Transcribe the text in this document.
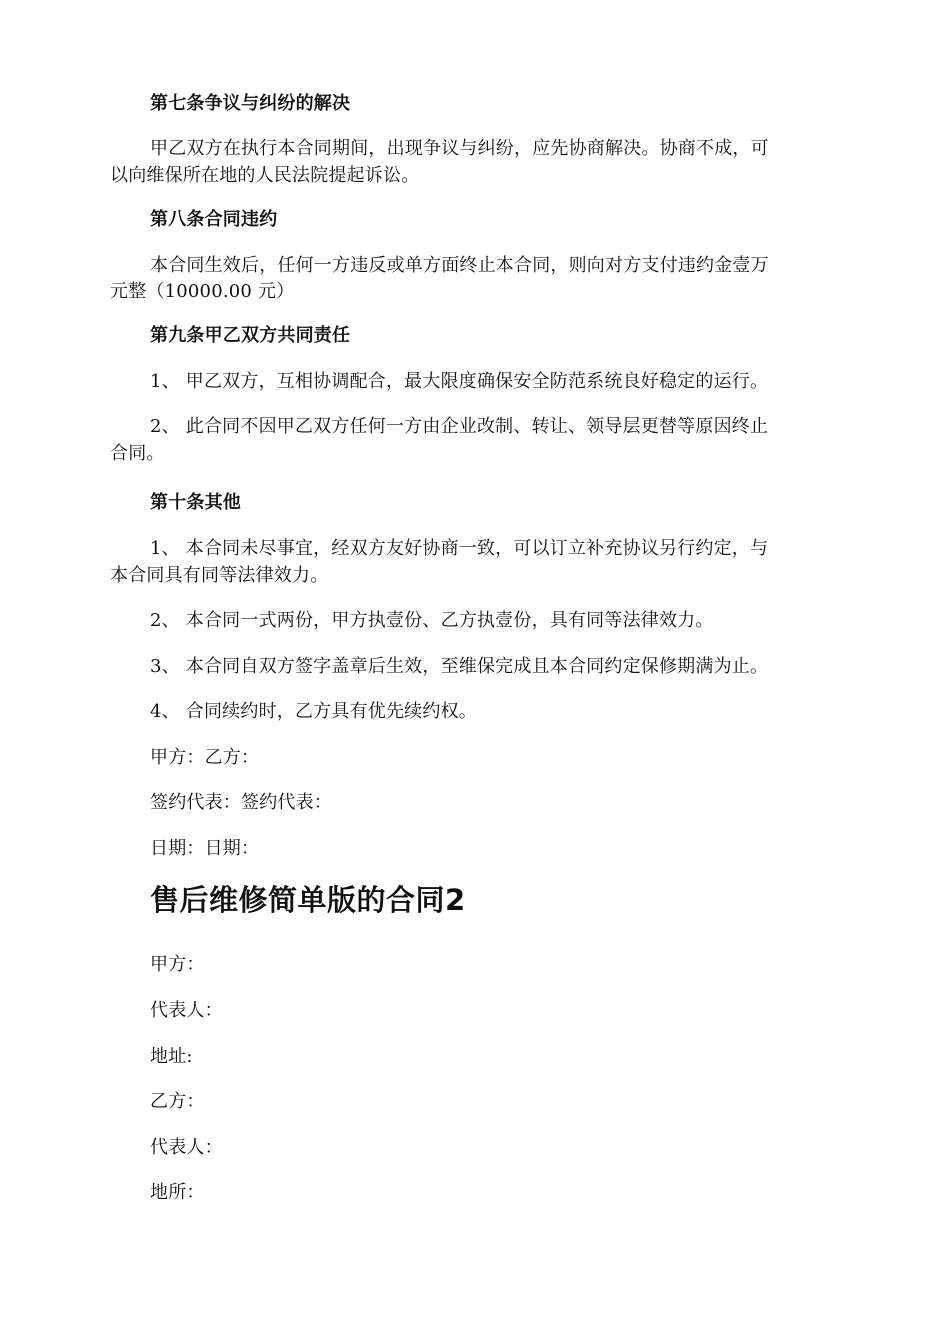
第七条争议与纠纷的解决
甲乙双方在执行本合同期间，出现争议与纠纷，应先协商解决。协商不成，可
以向维保所在地的人民法院提起诉讼。
第八条合同违约
本合同生效后，任何一方违反或单方面终止本合同，则向对方支付违约金壹万
元整（10000.00 元）
第九条甲乙双方共同责任
1、 甲乙双方，互相协调配合，最大限度确保安全防范系统良好稳定的运行。
2、 此合同不因甲乙双方任何一方由企业改制、转让、领导层更替等原因终止
合同。
第十条其他
1、 本合同未尽事宜，经双方友好协商一致，可以订立补充协议另行约定，与
本合同具有同等法律效力。
2、 本合同一式两份，甲方执壹份、乙方执壹份，具有同等法律效力。
3、 本合同自双方签字盖章后生效，至维保完成且本合同约定保修期满为止。
4、 合同续约时，乙方具有优先续约权。
甲方：乙方：
签约代表：签约代表：
日期：日期：
售后维修简单版的合同2
甲方：
代表人：
地址:
乙方：
代表人：
地所：
